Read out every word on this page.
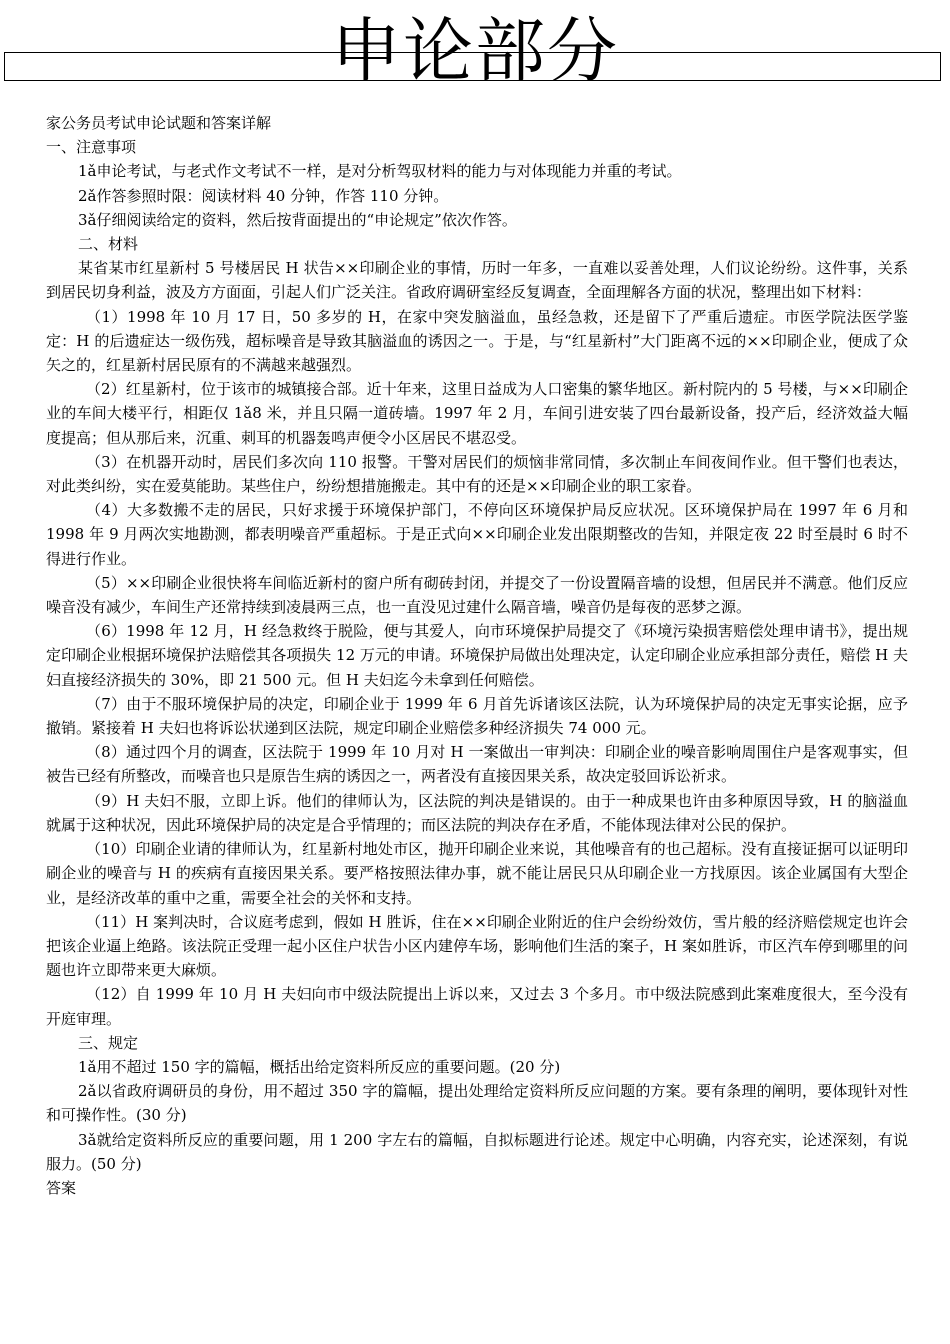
申论部分

家公务员考试申论试题和答案详解

一、注意事项

1ǎ申论考试，与老式作文考试不一样，是对分析驾驭材料的能力与对体现能力并重的考试。

2ǎ作答参照时限：阅读材料 40 分钟，作答 110 分钟。

3ǎ仔细阅读给定的资料，然后按背面提出的“申论规定”依次作答。

二、材料

某省某市红星新村 5 号楼居民 H 状告××印刷企业的事情，历时一年多，一直难以妥善处理，人们议论纷纷。这件事，关系到居民切身利益，波及方方面面，引起人们广泛关注。省政府调研室经反复调查，全面理解各方面的状况，整理出如下材料：

（1）1998 年 10 月 17 日，50 多岁的 H，在家中突发脑溢血，虽经急救，还是留下了严重后遗症。市医学院法医学鉴定：H 的后遗症达一级伤残，超标噪音是导致其脑溢血的诱因之一。于是，与“红星新村”大门距离不远的××印刷企业，便成了众矢之的，红星新村居民原有的不满越来越强烈。

（2）红星新村，位于该市的城镇接合部。近十年来，这里日益成为人口密集的繁华地区。新村院内的 5 号楼，与××印刷企业的车间大楼平行，相距仅 1ǎ8 米，并且只隔一道砖墙。1997 年 2 月，车间引进安装了四台最新设备，投产后，经济效益大幅度提高；但从那后来，沉重、刺耳的机器轰鸣声便令小区居民不堪忍受。

（3）在机器开动时，居民们多次向 110 报警。干警对居民们的烦恼非常同情，多次制止车间夜间作业。但干警们也表达，对此类纠纷，实在爱莫能助。某些住户，纷纷想措施搬走。其中有的还是××印刷企业的职工家眷。

（4）大多数搬不走的居民，只好求援于环境保护部门，不停向区环境保护局反应状况。区环境保护局在 1997 年 6 月和 1998 年 9 月两次实地勘测，都表明噪音严重超标。于是正式向××印刷企业发出限期整改的告知，并限定夜 22 时至晨时 6 时不得进行作业。

（5）××印刷企业很快将车间临近新村的窗户所有砌砖封闭，并提交了一份设置隔音墙的设想，但居民并不满意。他们反应噪音没有减少，车间生产还常持续到凌晨两三点，也一直没见过建什么隔音墙，噪音仍是每夜的恶梦之源。

（6）1998 年 12 月，H 经急救终于脱险，便与其爱人，向市环境保护局提交了《环境污染损害赔偿处理申请书》，提出规定印刷企业根据环境保护法赔偿其各项损失 12 万元的申请。环境保护局做出处理决定，认定印刷企业应承担部分责任，赔偿 H 夫妇直接经济损失的 30%，即 21 500 元。但 H 夫妇迄今未拿到任何赔偿。

（7）由于不服环境保护局的决定，印刷企业于 1999 年 6 月首先诉诸该区法院，认为环境保护局的决定无事实论据，应予撤销。紧接着 H 夫妇也将诉讼状递到区法院，规定印刷企业赔偿多种经济损失 74 000 元。

（8）通过四个月的调查，区法院于 1999 年 10 月对 H 一案做出一审判决：印刷企业的噪音影响周围住户是客观事实，但被告已经有所整改，而噪音也只是原告生病的诱因之一，两者没有直接因果关系，故决定驳回诉讼祈求。

（9）H 夫妇不服，立即上诉。他们的律师认为，区法院的判决是错误的。由于一种成果也许由多种原因导致，H 的脑溢血就属于这种状况，因此环境保护局的决定是合乎情理的；而区法院的判决存在矛盾，不能体现法律对公民的保护。

（10）印刷企业请的律师认为，红星新村地处市区，抛开印刷企业来说，其他噪音有的也己超标。没有直接证据可以证明印刷企业的噪音与 H 的疾病有直接因果关系。要严格按照法律办事，就不能让居民只从印刷企业一方找原因。该企业属国有大型企业，是经济改革的重中之重，需要全社会的关怀和支持。

（11）H 案判决时，合议庭考虑到，假如 H 胜诉，住在××印刷企业附近的住户会纷纷效仿，雪片般的经济赔偿规定也许会把该企业逼上绝路。该法院正受理一起小区住户状告小区内建停车场，影响他们生活的案子，H 案如胜诉，市区汽车停到哪里的问题也许立即带来更大麻烦。

（12）自 1999 年 10 月 H 夫妇向市中级法院提出上诉以来，又过去 3 个多月。市中级法院感到此案难度很大，至今没有开庭审理。

三、规定

1ǎ用不超过 150 字的篇幅，概括出给定资料所反应的重要问题。(20 分)

2ǎ以省政府调研员的身份，用不超过 350 字的篇幅，提出处理给定资料所反应问题的方案。要有条理的阐明，要体现针对性和可操作性。(30 分)

3ǎ就给定资料所反应的重要问题，用 1 200 字左右的篇幅，自拟标题进行论述。规定中心明确，内容充实，论述深刻，有说服力。(50 分)

答案
